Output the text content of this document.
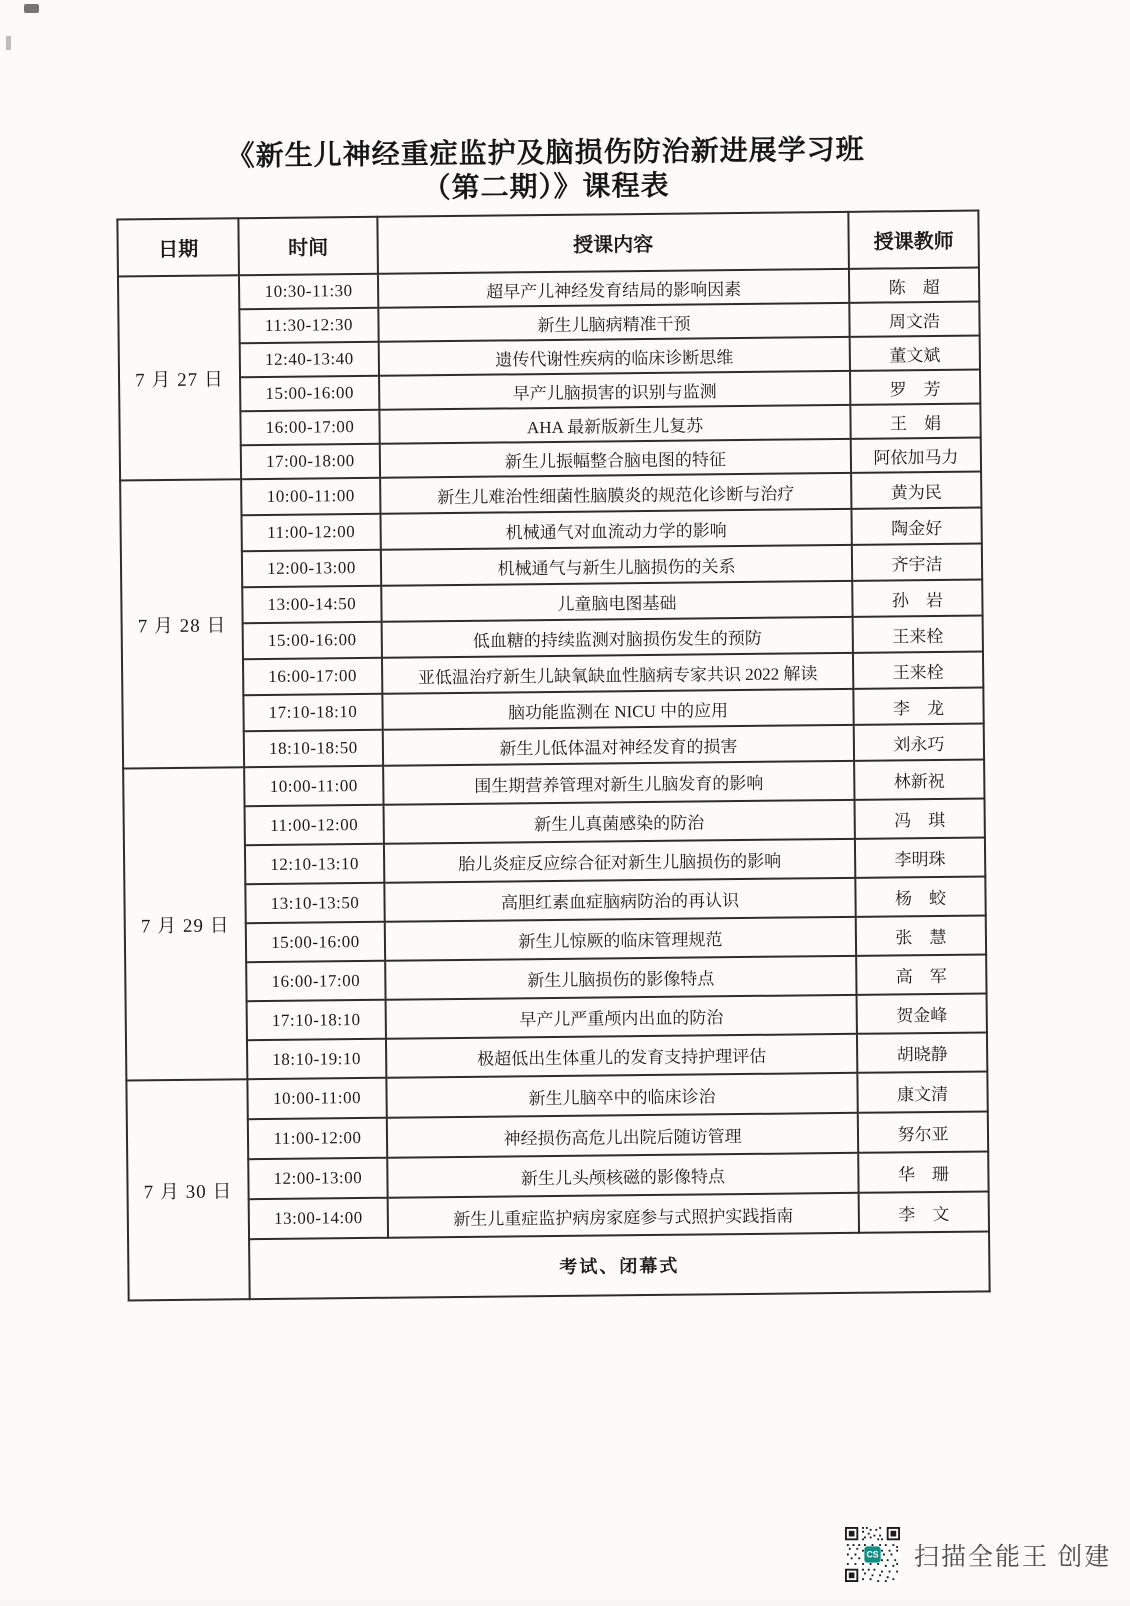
《新生儿神经重症监护及脑损伤防治新进展学习班
（第二期）》课程表
日期	时间	授课内容	授课教师
7 月 27 日	10:30-11:30	超早产儿神经发育结局的影响因素	陈　超
	11:30-12:30	新生儿脑病精准干预	周文浩
	12:40-13:40	遗传代谢性疾病的临床诊断思维	董文斌
	15:00-16:00	早产儿脑损害的识别与监测	罗　芳
	16:00-17:00	AHA 最新版新生儿复苏	王　娟
	17:00-18:00	新生儿振幅整合脑电图的特征	阿依加马力
7 月 28 日	10:00-11:00	新生儿难治性细菌性脑膜炎的规范化诊断与治疗	黄为民
	11:00-12:00	机械通气对血流动力学的影响	陶金好
	12:00-13:00	机械通气与新生儿脑损伤的关系	齐宇洁
	13:00-14:50	儿童脑电图基础	孙　岩
	15:00-16:00	低血糖的持续监测对脑损伤发生的预防	王来栓
	16:00-17:00	亚低温治疗新生儿缺氧缺血性脑病专家共识 2022 解读	王来栓
	17:10-18:10	脑功能监测在 NICU 中的应用	李　龙
	18:10-18:50	新生儿低体温对神经发育的损害	刘永巧
7 月 29 日	10:00-11:00	围生期营养管理对新生儿脑发育的影响	林新祝
	11:00-12:00	新生儿真菌感染的防治	冯　琪
	12:10-13:10	胎儿炎症反应综合征对新生儿脑损伤的影响	李明珠
	13:10-13:50	高胆红素血症脑病防治的再认识	杨　蛟
	15:00-16:00	新生儿惊厥的临床管理规范	张　慧
	16:00-17:00	新生儿脑损伤的影像特点	高　军
	17:10-18:10	早产儿严重颅内出血的防治	贺金峰
	18:10-19:10	极超低出生体重儿的发育支持护理评估	胡晓静
7 月 30 日	10:00-11:00	新生儿脑卒中的临床诊治	康文清
	11:00-12:00	神经损伤高危儿出院后随访管理	努尔亚
	12:00-13:00	新生儿头颅核磁的影像特点	华　珊
	13:00-14:00	新生儿重症监护病房家庭参与式照护实践指南	李　文
	考试、闭幕式		
CS 扫描全能王 创建
